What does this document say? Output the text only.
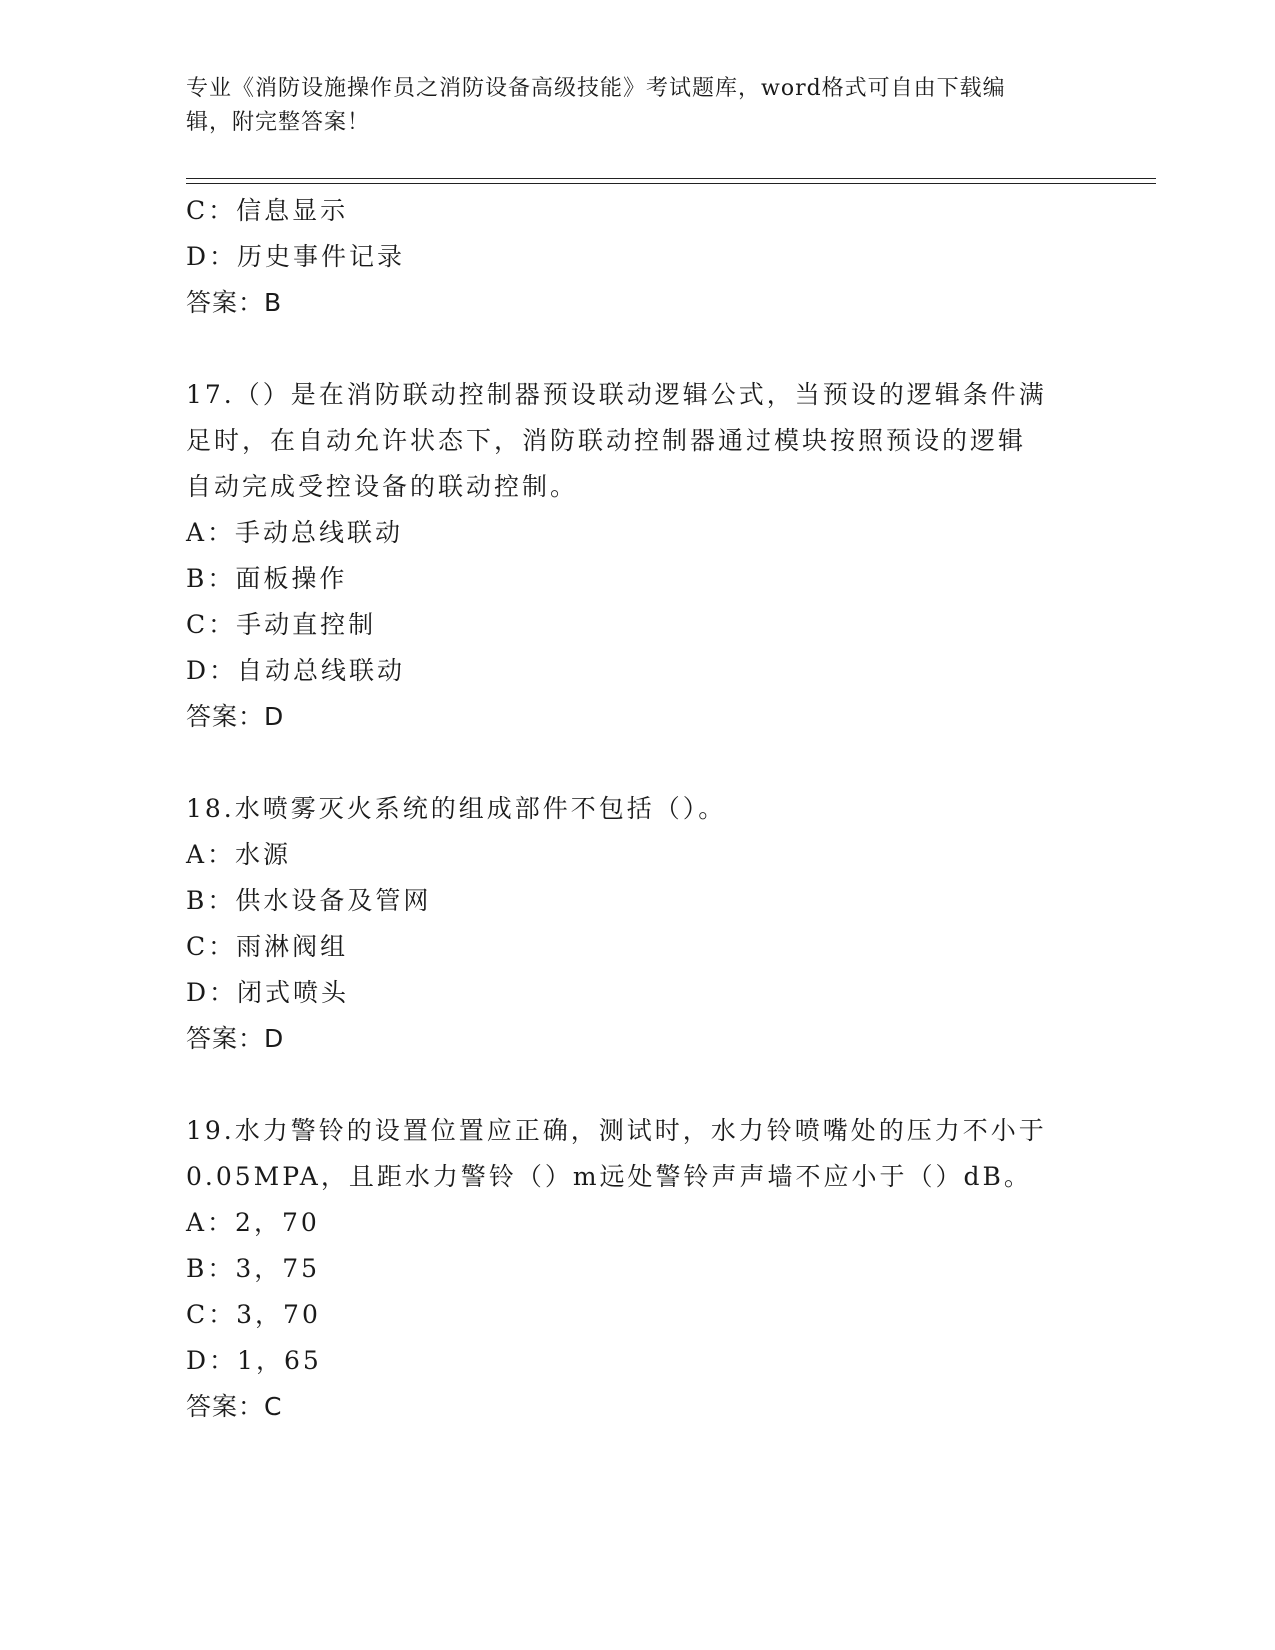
专业《消防设施操作员之消防设备高级技能》考试题库，word格式可自由下载编
辑，附完整答案！
C：信息显示
D：历史事件记录
答案：B
17.（）是在消防联动控制器预设联动逻辑公式，当预设的逻辑条件满
足时，在自动允许状态下，消防联动控制器通过模块按照预设的逻辑
自动完成受控设备的联动控制。
A：手动总线联动
B：面板操作
C：手动直控制
D：自动总线联动
答案：D
18.水喷雾灭火系统的组成部件不包括（）。
A：水源
B：供水设备及管网
C：雨淋阀组
D：闭式喷头
答案：D
19.水力警铃的设置位置应正确，测试时，水力铃喷嘴处的压力不小于
0.05MPA，且距水力警铃（）m远处警铃声声墙不应小于（）dB。
A：2，70
B：3，75
C：3，70
D：1，65
答案：C
